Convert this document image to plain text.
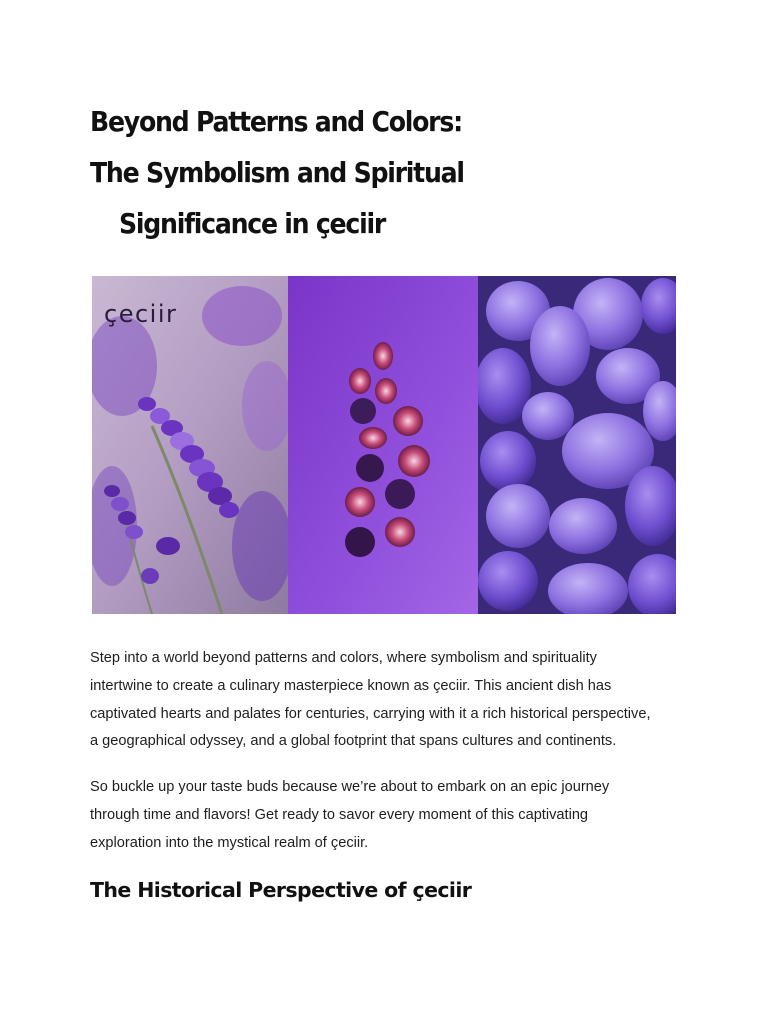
Beyond Patterns and Colors:
The Symbolism and Spiritual
Significance in çeciir
çeciir

Step into a world beyond patterns and colors, where symbolism and spirituality
intertwine to create a culinary masterpiece known as çeciir. This ancient dish has
captivated hearts and palates for centuries, carrying with it a rich historical perspective,
a geographical odyssey, and a global footprint that spans cultures and continents.

So buckle up your taste buds because we’re about to embark on an epic journey
through time and flavors! Get ready to savor every moment of this captivating
exploration into the mystical realm of çeciir.

The Historical Perspective of çeciir
